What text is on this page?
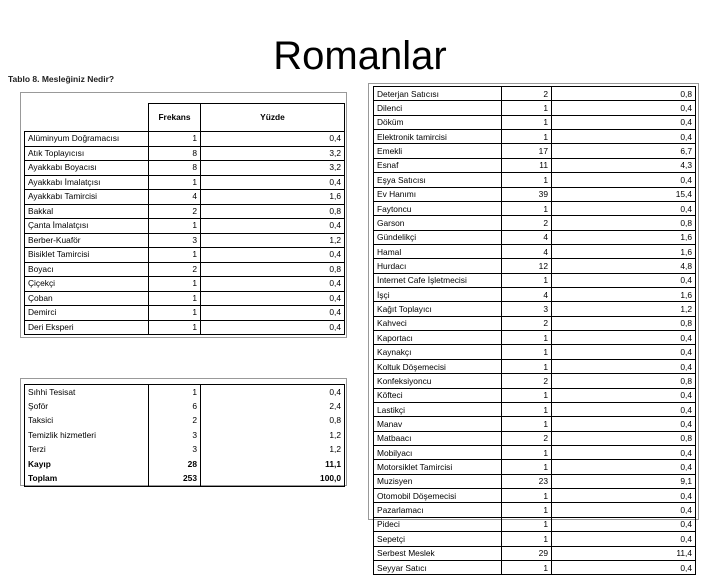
Romanlar
Tablo 8. Mesleğiniz Nedir?
	Frekans	Yüzde
Alüminyum Doğramacısı	1	0,4
Atık Toplayıcısı	8	3,2
Ayakkabı Boyacısı	8	3,2
Ayakkabı İmalatçısı	1	0,4
Ayakkabı Tamircisi	4	1,6
Bakkal	2	0,8
Çanta İmalatçısı	1	0,4
Berber-Kuaför	3	1,2
Bisiklet Tamircisi	1	0,4
Boyacı	2	0,8
Çiçekçi	1	0,4
Çoban	1	0,4
Demirci	1	0,4
Deri Eksperi	1	0,4
Sıhhi Tesisat	1	0,4
Şoför	6	2,4
Taksici	2	0,8
Temizlik hizmetleri	3	1,2
Terzi	3	1,2
Kayıp	28	11,1
Toplam	253	100,0
Deterjan Satıcısı	2	0,8
Dilenci	1	0,4
Döküm	1	0,4
Elektronik tamircisi	1	0,4
Emekli	17	6,7
Esnaf	11	4,3
Eşya Satıcısı	1	0,4
Ev Hanımı	39	15,4
Faytoncu	1	0,4
Garson	2	0,8
Gündelikçi	4	1,6
Hamal	4	1,6
Hurdacı	12	4,8
İnternet Cafe İşletmecisi	1	0,4
İşçi	4	1,6
Kağıt Toplayıcı	3	1,2
Kahveci	2	0,8
Kaportacı	1	0,4
Kaynakçı	1	0,4
Koltuk Döşemecisi	1	0,4
Konfeksiyoncu	2	0,8
Köfteci	1	0,4
Lastikçi	1	0,4
Manav	1	0,4
Matbaacı	2	0,8
Mobilyacı	1	0,4
Motorsiklet Tamircisi	1	0,4
Muzisyen	23	9,1
Otomobil Döşemecisi	1	0,4
Pazarlamacı	1	0,4
Pideci	1	0,4
Sepetçi	1	0,4
Serbest Meslek	29	11,4
Seyyar Satıcı	1	0,4
